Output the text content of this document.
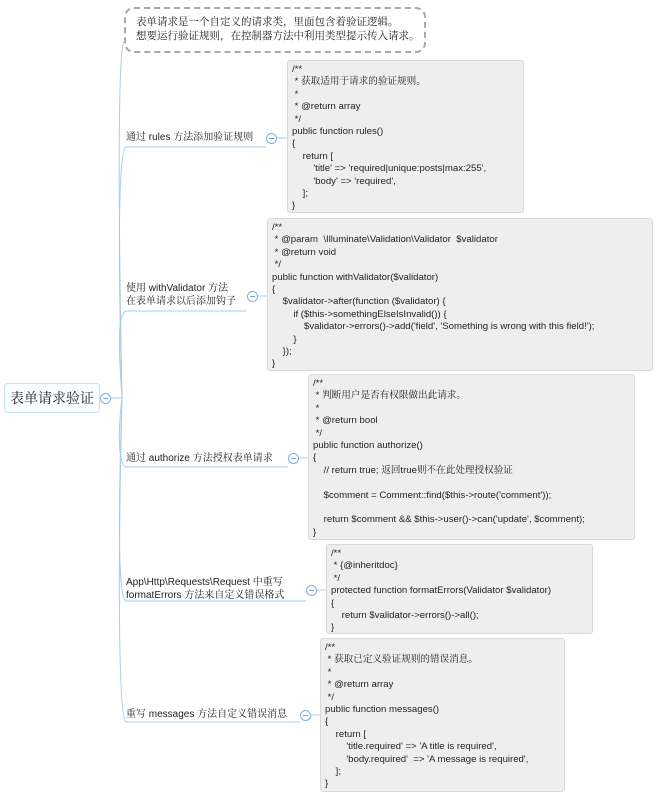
表单请求验证
表单请求是一个自定义的请求类，里面包含着验证逻辑。
想要运行验证规则，在控制器方法中利用类型提示传入请求。
通过 rules 方法添加验证规则
/**
* 获取适用于请求的验证规则。
*
* @return array
*/
public function rules()
{
return [
'title' => 'required|unique:posts|max:255',
'body' => 'required',
];
}
使用 withValidator 方法
在表单请求以后添加钩子
/**
* @param  \Illuminate\Validation\Validator  $validator
* @return void
*/
public function withValidator($validator)
{
$validator->after(function ($validator) {
if ($this->somethingElseIsInvalid()) {
$validator->errors()->add('field', 'Something is wrong with this field!');
}
});
}
通过 authorize 方法授权表单请求
/**
* 判断用户是否有权限做出此请求。
*
* @return bool
*/
public function authorize()
{
// return true; 返回true则不在此处理授权验证

$comment = Comment::find($this->route('comment'));

return $comment && $this->user()->can('update', $comment);
}
App\Http\Requests\Request 中重写
formatErrors 方法来自定义错误格式
/**
* {@inheritdoc}
*/
protected function formatErrors(Validator $validator)
{
return $validator->errors()->all();
}
重写 messages 方法自定义错误消息
/**
* 获取已定义验证规则的错误消息。
*
* @return array
*/
public function messages()
{
return [
'title.required' => 'A title is required',
'body.required'  => 'A message is required',
];
}
